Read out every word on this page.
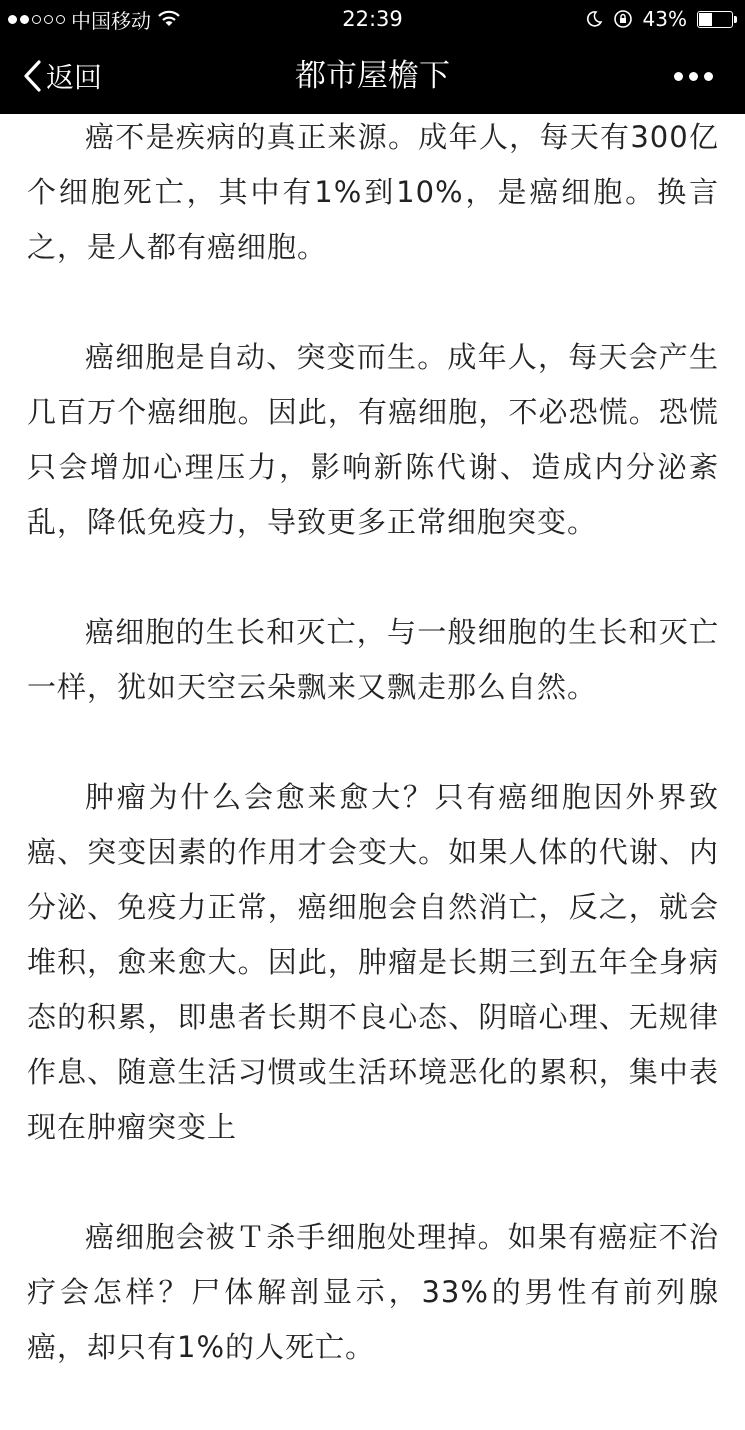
中国移动	22:39	43%
返回	都市屋檐下

癌不是疾病的真正来源。成年人，每天有300亿个细胞死亡，其中有1%到10%，是癌细胞。换言之，是人都有癌细胞。

癌细胞是自动、突变而生。成年人，每天会产生几百万个癌细胞。因此，有癌细胞，不必恐慌。恐慌只会增加心理压力，影响新陈代谢、造成内分泌紊乱，降低免疫力，导致更多正常细胞突变。

癌细胞的生长和灭亡，与一般细胞的生长和灭亡一样，犹如天空云朵飘来又飘走那么自然。

肿瘤为什么会愈来愈大？只有癌细胞因外界致癌、突变因素的作用才会变大。如果人体的代谢、内分泌、免疫力正常，癌细胞会自然消亡，反之，就会堆积，愈来愈大。因此，肿瘤是长期三到五年全身病态的积累，即患者长期不良心态、阴暗心理、无规律作息、随意生活习惯或生活环境恶化的累积，集中表现在肿瘤突变上

癌细胞会被Ｔ杀手细胞处理掉。如果有癌症不治疗会怎样？尸体解剖显示，33%的男性有前列腺癌，却只有1%的人死亡。
